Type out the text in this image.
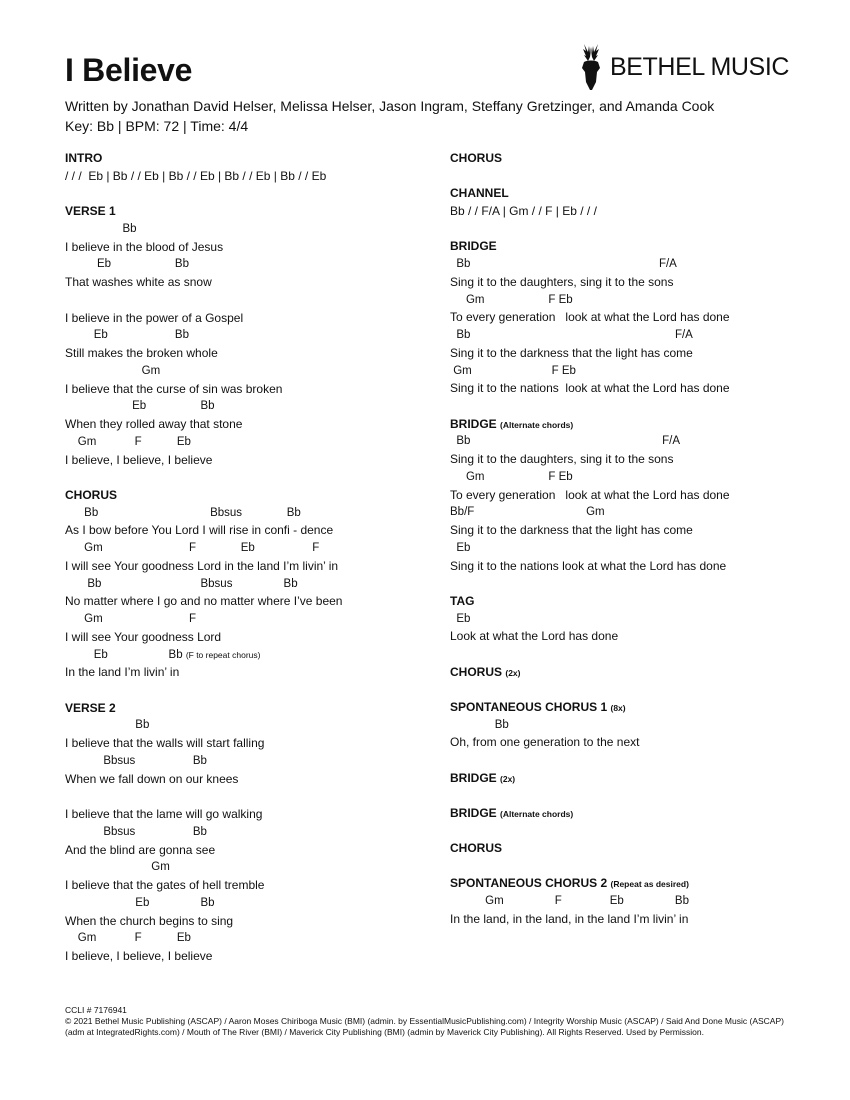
I Believe	BETHEL MUSIC
Written by Jonathan David Helser, Melissa Helser, Jason Ingram, Steffany Gretzinger, and Amanda Cook
Key: Bb | BPM: 72 | Time: 4/4
INTRO
/ / /  Eb | Bb / / Eb | Bb / / Eb | Bb / / Eb | Bb / / Eb
VERSE 1
Bb
I believe in the blood of Jesus
Eb                    Bb
That washes white as snow

I believe in the power of a Gospel
Eb                     Bb
Still makes the broken whole
Gm
I believe that the curse of sin was broken
Eb                 Bb
When they rolled away that stone
Gm            F           Eb
I believe, I believe, I believe
CHORUS
Bb                                   Bbsus              Bb
As I bow before You Lord I will rise in confi - dence
Gm                           F              Eb                  F
I will see Your goodness Lord in the land I’m livin’ in
Bb                               Bbsus                Bb
No matter where I go and no matter where I’ve been
Gm                           F
I will see Your goodness Lord
Eb                   Bb (F to repeat chorus)
In the land I’m livin’ in
VERSE 2
Bb
I believe that the walls will start falling
Bbsus                  Bb
When we fall down on our knees

I believe that the lame will go walking
Bbsus                  Bb
And the blind are gonna see
Gm
I believe that the gates of hell tremble
Eb                Bb
When the church begins to sing
Gm            F           Eb
I believe, I believe, I believe
CHORUS
CHANNEL
Bb / / F/A | Gm / / F | Eb / / /
BRIDGE
Bb                                                           F/A
Sing it to the daughters, sing it to the sons
Gm                    F Eb
To every generation   look at what the Lord has done
Bb                                                                F/A
Sing it to the darkness that the light has come
Gm                         F Eb
Sing it to the nations  look at what the Lord has done
BRIDGE (Alternate chords)
Bb                                                            F/A
Sing it to the daughters, sing it to the sons
Gm                    F Eb
To every generation   look at what the Lord has done
Bb/F                                   Gm
Sing it to the darkness that the light has come
Eb
Sing it to the nations look at what the Lord has done
TAG
Eb
Look at what the Lord has done
CHORUS (2x)
SPONTANEOUS CHORUS 1 (8x)
Bb
Oh, from one generation to the next
BRIDGE (2x)
BRIDGE (Alternate chords)
CHORUS
SPONTANEOUS CHORUS 2 (Repeat as desired)
Gm                F               Eb                Bb
In the land, in the land, in the land I’m livin’ in
CCLI # 7176941
© 2021 Bethel Music Publishing (ASCAP) / Aaron Moses Chiriboga Music (BMI) (admin. by EssentialMusicPublishing.com) / Integrity Worship Music (ASCAP) / Said And Done Music (ASCAP) (adm at IntegratedRights.com) / Mouth of The River (BMI) / Maverick City Publishing (BMI) (admin by Maverick City Publishing). All Rights Reserved. Used by Permission.
